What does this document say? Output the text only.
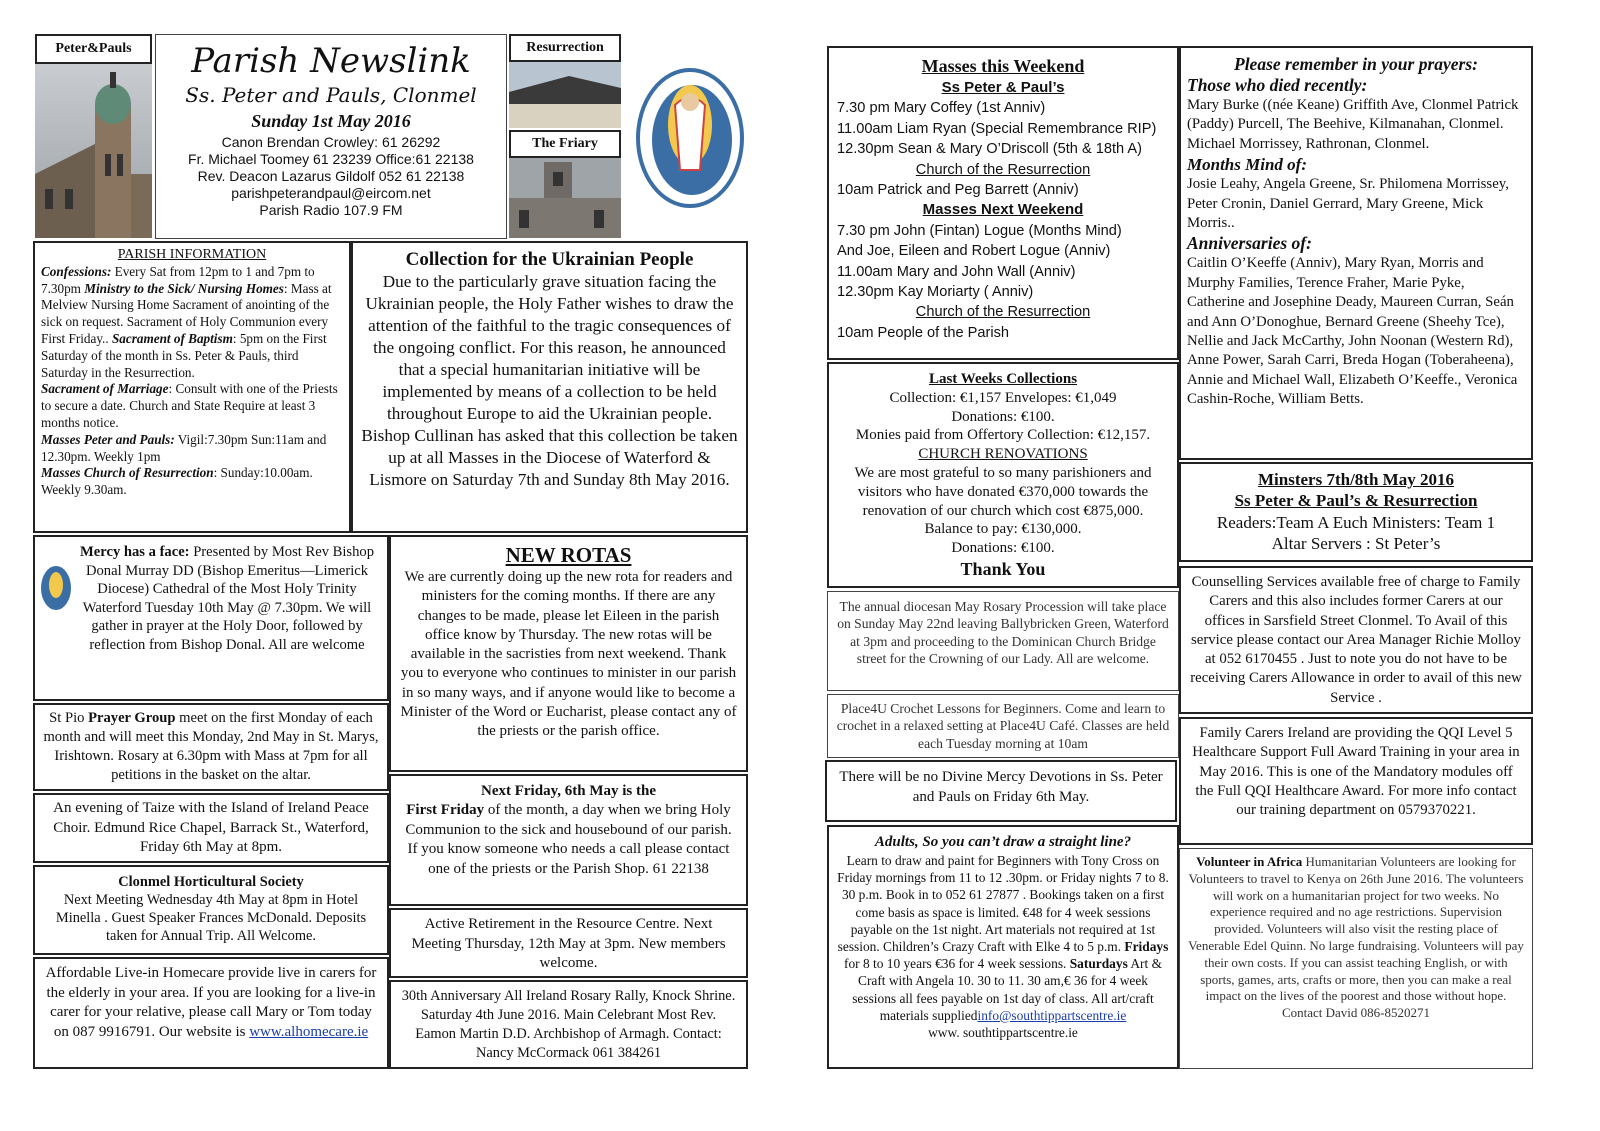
Peter&Pauls	Parish Newslink
Ss. Peter and Pauls, Clonmel
Sunday 1st May 2016
Canon Brendan Crowley: 61 26292
Fr. Michael Toomey 61 23239 Office:61 22138
Rev. Deacon Lazarus Gildolf 052 61 22138
parishpeterandpaul@eircom.net
Parish Radio 107.9 FM
Resurrection
The Friary
PARISH INFORMATION
Confessions: Every Sat from 12pm to 1 and 7pm to 7.30pm Ministry to the Sick/ Nursing Homes: Mass at Melview Nursing Home Sacrament of anointing of the sick on request. Sacrament of Holy Communion every First Friday.. Sacrament of Baptism: 5pm on the First Saturday of the month in Ss. Peter & Pauls, third Saturday in the Resurrection.
Sacrament of Marriage: Consult with one of the Priests to secure a date. Church and State Require at least 3 months notice.
Masses Peter and Pauls: Vigil:7.30pm Sun:11am and 12.30pm. Weekly 1pm
Masses Church of Resurrection: Sunday:10.00am. Weekly 9.30am.
Collection for the Ukrainian People

Due to the particularly grave situation facing the Ukrainian people, the Holy Father wishes to draw the attention of the faithful to the tragic consequences of the ongoing conflict. For this reason, he announced that a special humanitarian initiative will be implemented by means of a collection to be held throughout Europe to aid the Ukrainian people. Bishop Cullinan has asked that this collection be taken up at all Masses in the Diocese of Waterford & Lismore on Saturday 7th and Sunday 8th May 2016.

Mercy has a face: Presented by Most Rev Bishop Donal Murray DD (Bishop Emeritus—Limerick Diocese) Cathedral of the Most Holy Trinity Waterford Tuesday 10th May @ 7.30pm. We will gather in prayer at the Holy Door, followed by reflection from Bishop Donal. All are welcome
NEW ROTAS

We are currently doing up the new rota for readers and ministers for the coming months. If there are any changes to be made, please let Eileen in the parish office know by Thursday. The new rotas will be available in the sacristies from next weekend. Thank you to everyone who continues to minister in our parish in so many ways, and if anyone would like to become a Minister of the Word or Eucharist, please contact any of the priests or the parish office.

St Pio Prayer Group meet on the first Monday of each month and will meet this Monday, 2nd May in St. Marys, Irishtown. Rosary at 6.30pm with Mass at 7pm for all petitions in the basket on the altar.
Next Friday, 6th May is the
First Friday of the month, a day when we bring Holy Communion to the sick and housebound of our parish. If you know someone who needs a call please contact one of the priests or the Parish Shop. 61 22138
An evening of Taize with the Island of Ireland Peace Choir. Edmund Rice Chapel, Barrack St., Waterford, Friday 6th May at 8pm.
Clonmel Horticultural Society

Next Meeting Wednesday 4th May at 8pm in Hotel Minella . Guest Speaker Frances McDonald. Deposits taken for Annual Trip. All Welcome.

Active Retirement in the Resource Centre. Next Meeting Thursday, 12th May at 3pm. New members welcome.
Affordable Live-in Homecare provide live in carers for the elderly in your area. If you are looking for a live-in carer for your relative, please call Mary or Tom today on 087 9916791. Our website is www.alhomecare.ie
30th Anniversary All Ireland Rosary Rally, Knock Shrine. Saturday 4th June 2016. Main Celebrant Most Rev. Eamon Martin D.D. Archbishop of Armagh. Contact: Nancy McCormack 061 384261
Masses this Weekend
Ss Peter & Paul’s
7.30 pm Mary Coffey (1st Anniv)
11.00am Liam Ryan (Special Remembrance RIP)
12.30pm Sean & Mary O’Driscoll (5th & 18th A)
Church of the Resurrection
10am Patrick and Peg Barrett (Anniv)
Masses Next Weekend
7.30 pm John (Fintan) Logue (Months Mind)
And Joe, Eileen and Robert Logue (Anniv)
11.00am Mary and John Wall (Anniv)
12.30pm Kay Moriarty ( Anniv)
Church of the Resurrection
10am People of the Parish
Last Weeks Collections
Collection: €1,157 Envelopes: €1,049
Donations: €100.
Monies paid from Offertory Collection: €12,157.
CHURCH RENOVATIONS

We are most grateful to so many parishioners and visitors who have donated €370,000 towards the renovation of our church which cost €875,000. Balance to pay: €130,000.

Donations: €100.
Thank You
The annual diocesan May Rosary Procession will take place on Sunday May 22nd leaving Ballybricken Green, Waterford at 3pm and proceeding to the Dominican Church Bridge street for the Crowning of our Lady. All are welcome.
Place4U Crochet Lessons for Beginners. Come and learn to crochet in a relaxed setting at Place4U Café. Classes are held each Tuesday morning at 10am
There will be no Divine Mercy Devotions in Ss. Peter and Pauls on Friday 6th May.
Adults, So you can’t draw a straight line?
Learn to draw and paint for Beginners with Tony Cross on Friday mornings from 11 to 12 .30pm. or Friday nights 7 to 8. 30 p.m. Book in to 052 61 27877 . Bookings taken on a first come basis as space is limited. €48 for 4 week sessions payable on the 1st night. Art materials not required at 1st session. Children’s Crazy Craft with Elke 4 to 5 p.m. Fridays for 8 to 10 years €36 for 4 week sessions. Saturdays Art & Craft with Angela 10. 30 to 11. 30 am,€ 36 for 4 week sessions all fees payable on 1st day of class. All art/craft materials suppliedinfo@southtippartscentre.ie
www. southtippartscentre.ie
Please remember in your prayers:
Those who died recently:

Mary Burke ((née Keane) Griffith Ave, Clonmel Patrick (Paddy) Purcell, The Beehive, Kilmanahan, Clonmel. Michael Morrissey, Rathronan, Clonmel.

Months Mind of:

Josie Leahy, Angela Greene, Sr. Philomena Morrissey, Peter Cronin, Daniel Gerrard, Mary Greene, Mick Morris..

Anniversaries of:

Caitlin O’Keeffe (Anniv), Mary Ryan, Morris and Murphy Families, Terence Fraher, Marie Pyke, Catherine and Josephine Deady, Maureen Curran, Seán and Ann O’Donoghue, Bernard Greene (Sheehy Tce), Nellie and Jack McCarthy, John Noonan (Western Rd), Anne Power, Sarah Carri, Breda Hogan (Toberaheena), Annie and Michael Wall, Elizabeth O’Keeffe., Veronica Cashin-Roche, William Betts.

Minsters 7th/8th May 2016
Ss Peter & Paul’s & Resurrection
Readers:Team A Euch Ministers: Team 1
Altar Servers : St Peter’s
Counselling Services available free of charge to Family Carers and this also includes former Carers at our offices in Sarsfield Street Clonmel. To Avail of this service please contact our Area Manager Richie Molloy at 052 6170455 . Just to note you do not have to be receiving Carers Allowance in order to avail of this new Service .
Family Carers Ireland are providing the QQI Level 5 Healthcare Support Full Award Training in your area in May 2016. This is one of the Mandatory modules off the Full QQI Healthcare Award. For more info contact our training department on 0579370221.
Volunteer in Africa Humanitarian Volunteers are looking for Volunteers to travel to Kenya on 26th June 2016. The volunteers will work on a humanitarian project for two weeks. No experience required and no age restrictions. Supervision provided. Volunteers will also visit the resting place of Venerable Edel Quinn. No large fundraising. Volunteers will pay their own costs. If you can assist teaching English, or with sports, games, arts, crafts or more, then you can make a real impact on the lives of the poorest and those without hope. Contact David 086-8520271
